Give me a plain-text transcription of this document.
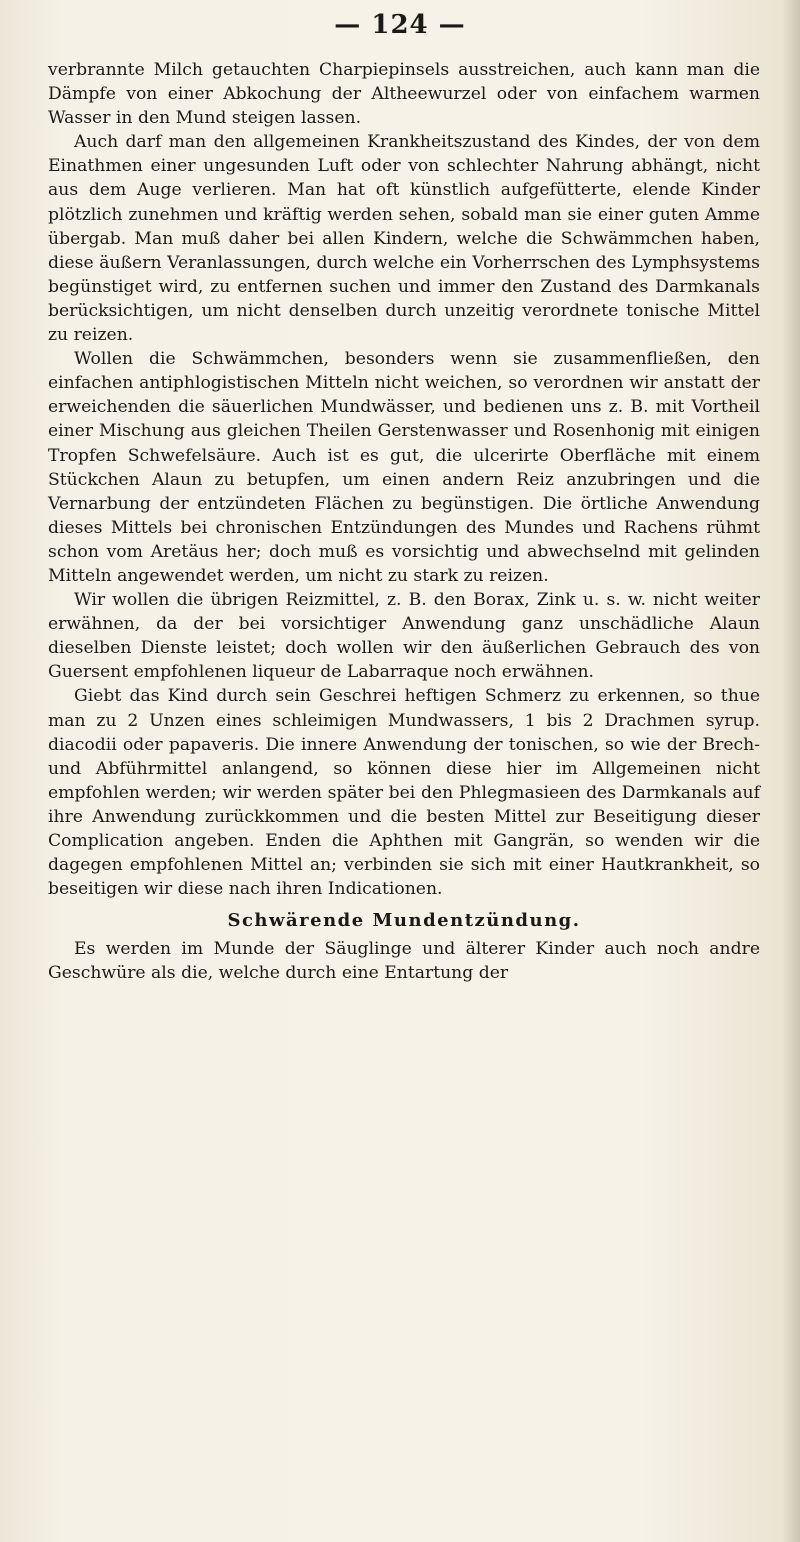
— 124 —

verbrannte Milch getauchten Charpiepinsels ausstreichen, auch kann man die Dämpfe von einer Abkochung der Altheewurzel oder von einfachem warmen Wasser in den Mund steigen lassen.

Auch darf man den allgemeinen Krankheitszustand des Kindes, der von dem Einathmen einer ungesunden Luft oder von schlechter Nahrung abhängt, nicht aus dem Auge verlieren. Man hat oft künstlich aufgefütterte, elende Kinder plötzlich zunehmen und kräftig werden sehen, sobald man sie einer guten Amme übergab. Man muß daher bei allen Kindern, welche die Schwämmchen haben, diese äußern Veranlassungen, durch welche ein Vorherrschen des Lymphsystems begünstiget wird, zu entfernen suchen und immer den Zustand des Darmkanals berücksichtigen, um nicht denselben durch unzeitig verordnete tonische Mittel zu reizen.

Wollen die Schwämmchen, besonders wenn sie zusammenfließen, den einfachen antiphlogistischen Mitteln nicht weichen, so verordnen wir anstatt der erweichenden die säuerlichen Mundwässer, und bedienen uns z. B. mit Vortheil einer Mischung aus gleichen Theilen Gerstenwasser und Rosenhonig mit einigen Tropfen Schwefelsäure. Auch ist es gut, die ulcerirte Oberfläche mit einem Stückchen Alaun zu betupfen, um einen andern Reiz anzubringen und die Vernarbung der entzündeten Flächen zu begünstigen. Die örtliche Anwendung dieses Mittels bei chronischen Entzündungen des Mundes und Rachens rühmt schon vom Aretäus her; doch muß es vorsichtig und abwechselnd mit gelinden Mitteln angewendet werden, um nicht zu stark zu reizen.

Wir wollen die übrigen Reizmittel, z. B. den Borax, Zink u. s. w. nicht weiter erwähnen, da der bei vorsichtiger Anwendung ganz unschädliche Alaun dieselben Dienste leistet; doch wollen wir den äußerlichen Gebrauch des von Guersent empfohlenen liqueur de Labarraque noch erwähnen.

Giebt das Kind durch sein Geschrei heftigen Schmerz zu erkennen, so thue man zu 2 Unzen eines schleimigen Mundwassers, 1 bis 2 Drachmen syrup. diacodii oder papaveris. Die innere Anwendung der tonischen, so wie der Brech- und Abführmittel anlangend, so können diese hier im Allgemeinen nicht empfohlen werden; wir werden später bei den Phlegmasieen des Darmkanals auf ihre Anwendung zurückkommen und die besten Mittel zur Beseitigung dieser Complication angeben. Enden die Aphthen mit Gangrän, so wenden wir die dagegen empfohlenen Mittel an; verbinden sie sich mit einer Hautkrankheit, so beseitigen wir diese nach ihren Indicationen.

Schwärende Mundentzündung.

Es werden im Munde der Säuglinge und älterer Kinder auch noch andre Geschwüre als die, welche durch eine Entartung der
